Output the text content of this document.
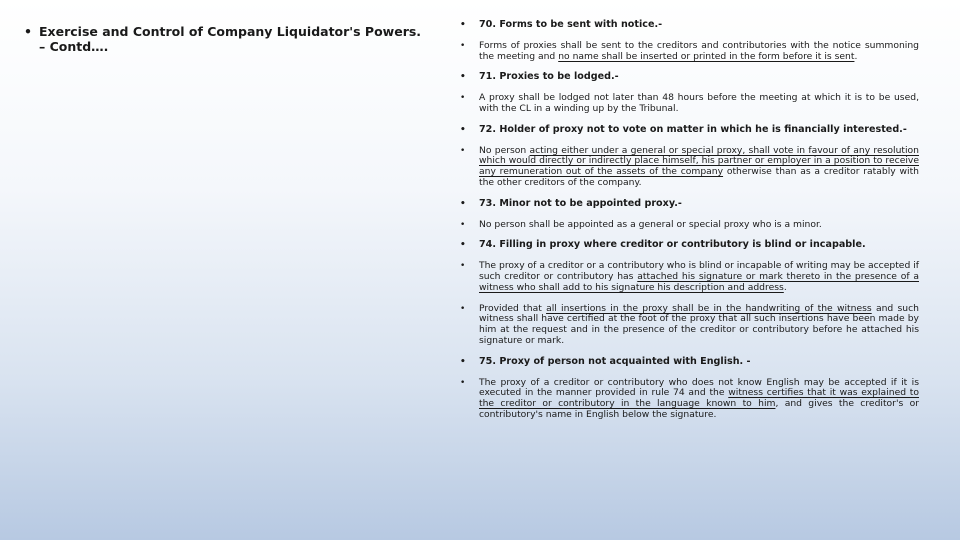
• Exercise and Control of Company Liquidator's Powers.
– Contd….
• 70. Forms to be sent with notice.-
• Forms of proxies shall be sent to the creditors and contributories with the notice summoning the meeting and no name shall be inserted or printed in the form before it is sent.
• 71. Proxies to be lodged.-
• A proxy shall be lodged not later than 48 hours before the meeting at which it is to be used, with the CL in a winding up by the Tribunal.
• 72. Holder of proxy not to vote on matter in which he is financially interested.-
• No person acting either under a general or special proxy, shall vote in favour of any resolution which would directly or indirectly place himself, his partner or employer in a position to receive any remuneration out of the assets of the company otherwise than as a creditor ratably with the other creditors of the company.
• 73. Minor not to be appointed proxy.-
• No person shall be appointed as a general or special proxy who is a minor.
• 74. Filling in proxy where creditor or contributory is blind or incapable.
• The proxy of a creditor or a contributory who is blind or incapable of writing may be accepted if such creditor or contributory has attached his signature or mark thereto in the presence of a witness who shall add to his signature his description and address.
• Provided that all insertions in the proxy shall be in the handwriting of the witness and such witness shall have certified at the foot of the proxy that all such insertions have been made by him at the request and in the presence of the creditor or contributory before he attached his signature or mark.
• 75. Proxy of person not acquainted with English. -
• The proxy of a creditor or contributory who does not know English may be accepted if it is executed in the manner provided in rule 74 and the witness certifies that it was explained to the creditor or contributory in the language known to him, and gives the creditor's or contributory's name in English below the signature.
